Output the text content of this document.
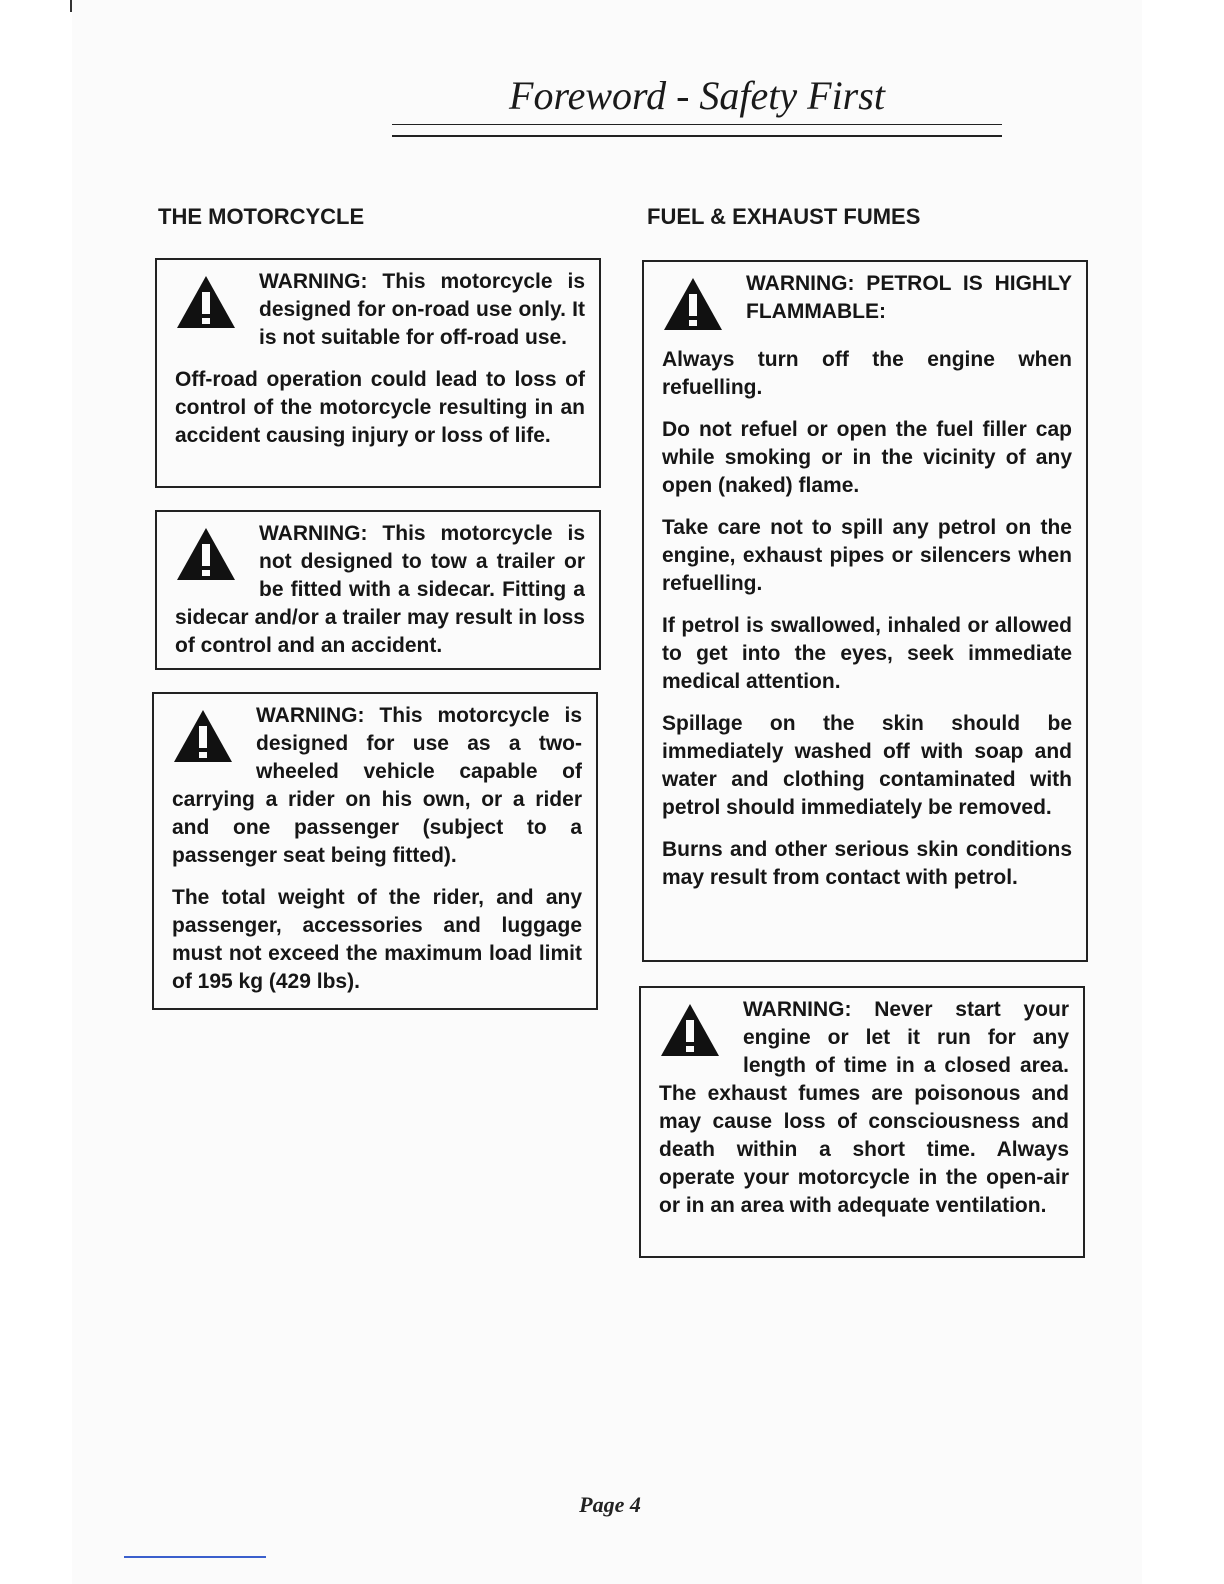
Foreword - Safety First
THE MOTORCYCLE

WARNING: This motorcycle is designed for on-road use only. It is not suitable for off-road use.

Off-road operation could lead to loss of control of the motorcycle resulting in an accident causing injury or loss of life.

WARNING: This motorcycle is not designed to tow a trailer or be fitted with a sidecar. Fitting a sidecar and/or a trailer may result in loss of control and an accident.

WARNING: This motorcycle is designed for use as a two-wheeled vehicle capable of carrying a rider on his own, or a rider and one passenger (subject to a passenger seat being fitted).

The total weight of the rider, and any passenger, accessories and luggage must not exceed the maximum load limit of 195 kg (429 lbs).

FUEL & EXHAUST FUMES

WARNING: PETROL IS HIGHLY FLAMMABLE:

Always turn off the engine when refuelling.

Do not refuel or open the fuel filler cap while smoking or in the vicinity of any open (naked) flame.

Take care not to spill any petrol on the engine, exhaust pipes or silencers when refuelling.

If petrol is swallowed, inhaled or allowed to get into the eyes, seek immediate medical attention.

Spillage on the skin should be immediately washed off with soap and water and clothing contaminated with petrol should immediately be removed.

Burns and other serious skin conditions may result from contact with petrol.

WARNING: Never start your engine or let it run for any length of time in a closed area. The exhaust fumes are poisonous and may cause loss of consciousness and death within a short time. Always operate your motorcycle in the open-air or in an area with adequate ventilation.

Page 4
